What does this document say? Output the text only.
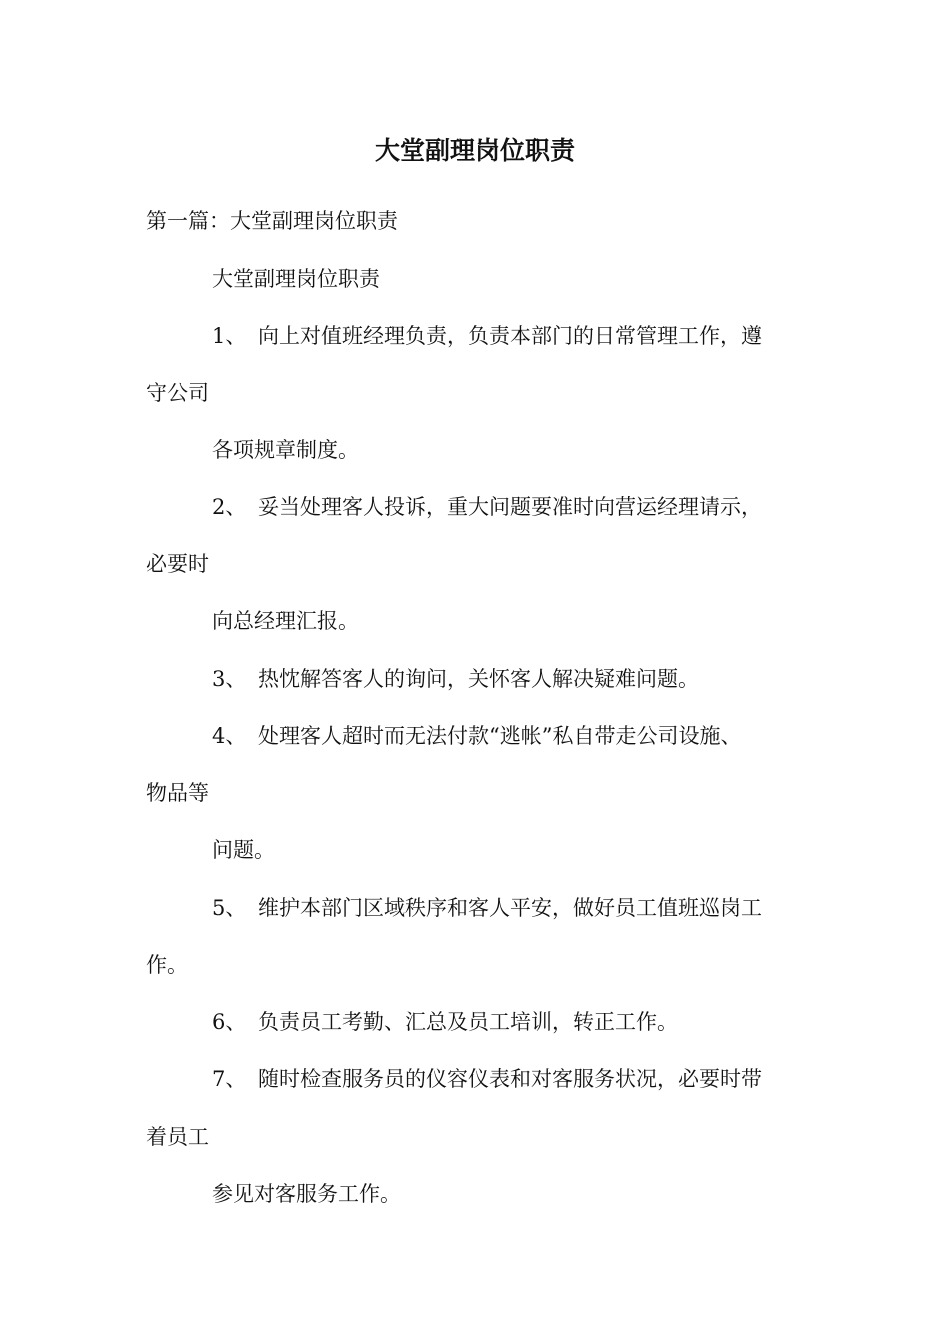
大堂副理岗位职责
第一篇：大堂副理岗位职责
大堂副理岗位职责
1、 向上对值班经理负责，负责本部门的日常管理工作，遵
守公司
各项规章制度。
2、 妥当处理客人投诉，重大问题要准时向营运经理请示，
必要时
向总经理汇报。
3、 热忱解答客人的询问，关怀客人解决疑难问题。
4、 处理客人超时而无法付款“逃帐”私自带走公司设施、
物品等
问题。
5、 维护本部门区域秩序和客人平安，做好员工值班巡岗工
作。
6、 负责员工考勤、汇总及员工培训，转正工作。
7、 随时检查服务员的仪容仪表和对客服务状况，必要时带
着员工
参见对客服务工作。
